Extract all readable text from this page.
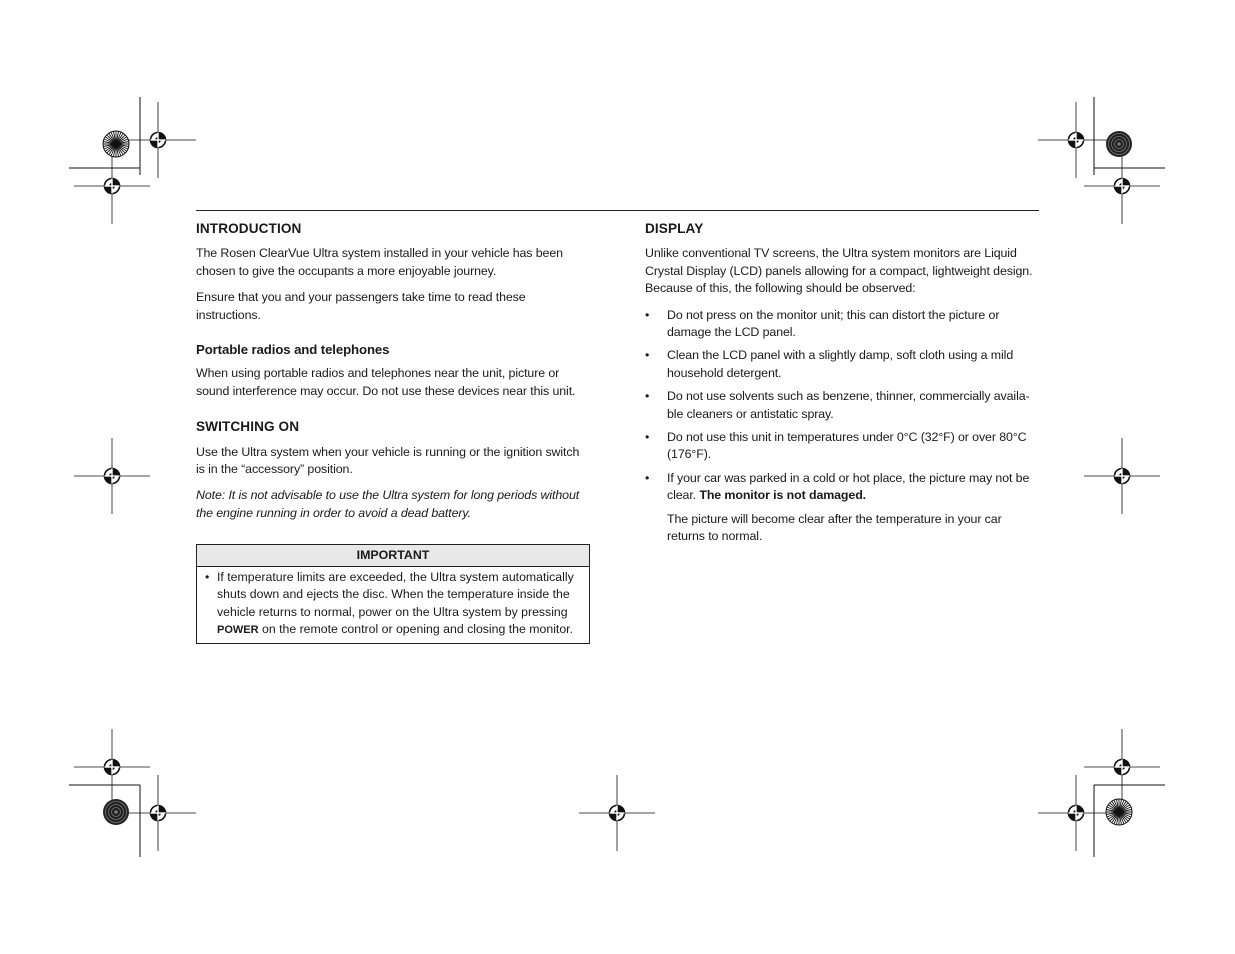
INTRODUCTION

The Rosen ClearVue Ultra system installed in your vehicle has been chosen to give the occupants a more enjoyable journey.

Ensure that you and your passengers take time to read these instructions.

Portable radios and telephones

When using portable radios and telephones near the unit, picture or sound interference may occur. Do not use these devices near this unit.

SWITCHING ON

Use the Ultra system when your vehicle is running or the ignition switch is in the “accessory” position.

Note: It is not advisable to use the Ultra system for long periods without the engine running in order to avoid a dead battery.

IMPORTANT
• If temperature limits are exceeded, the Ultra system automatically shuts down and ejects the disc. When the temperature inside the vehicle returns to normal, power on the Ultra system by pressing POWER on the remote control or opening and closing the monitor.
DISPLAY

Unlike conventional TV screens, the Ultra system monitors are Liquid Crystal Display (LCD) panels allowing for a compact, lightweight design. Because of this, the following should be observed:

• Do not press on the monitor unit; this can distort the picture or damage the LCD panel.
• Clean the LCD panel with a slightly damp, soft cloth using a mild household detergent.
• Do not use solvents such as benzene, thinner, commercially availa-ble cleaners or antistatic spray.
• Do not use this unit in temperatures under 0°C (32°F) or over 80°C (176°F).
• If your car was parked in a cold or hot place, the picture may not be clear. The monitor is not damaged.

The picture will become clear after the temperature in your car returns to normal.
